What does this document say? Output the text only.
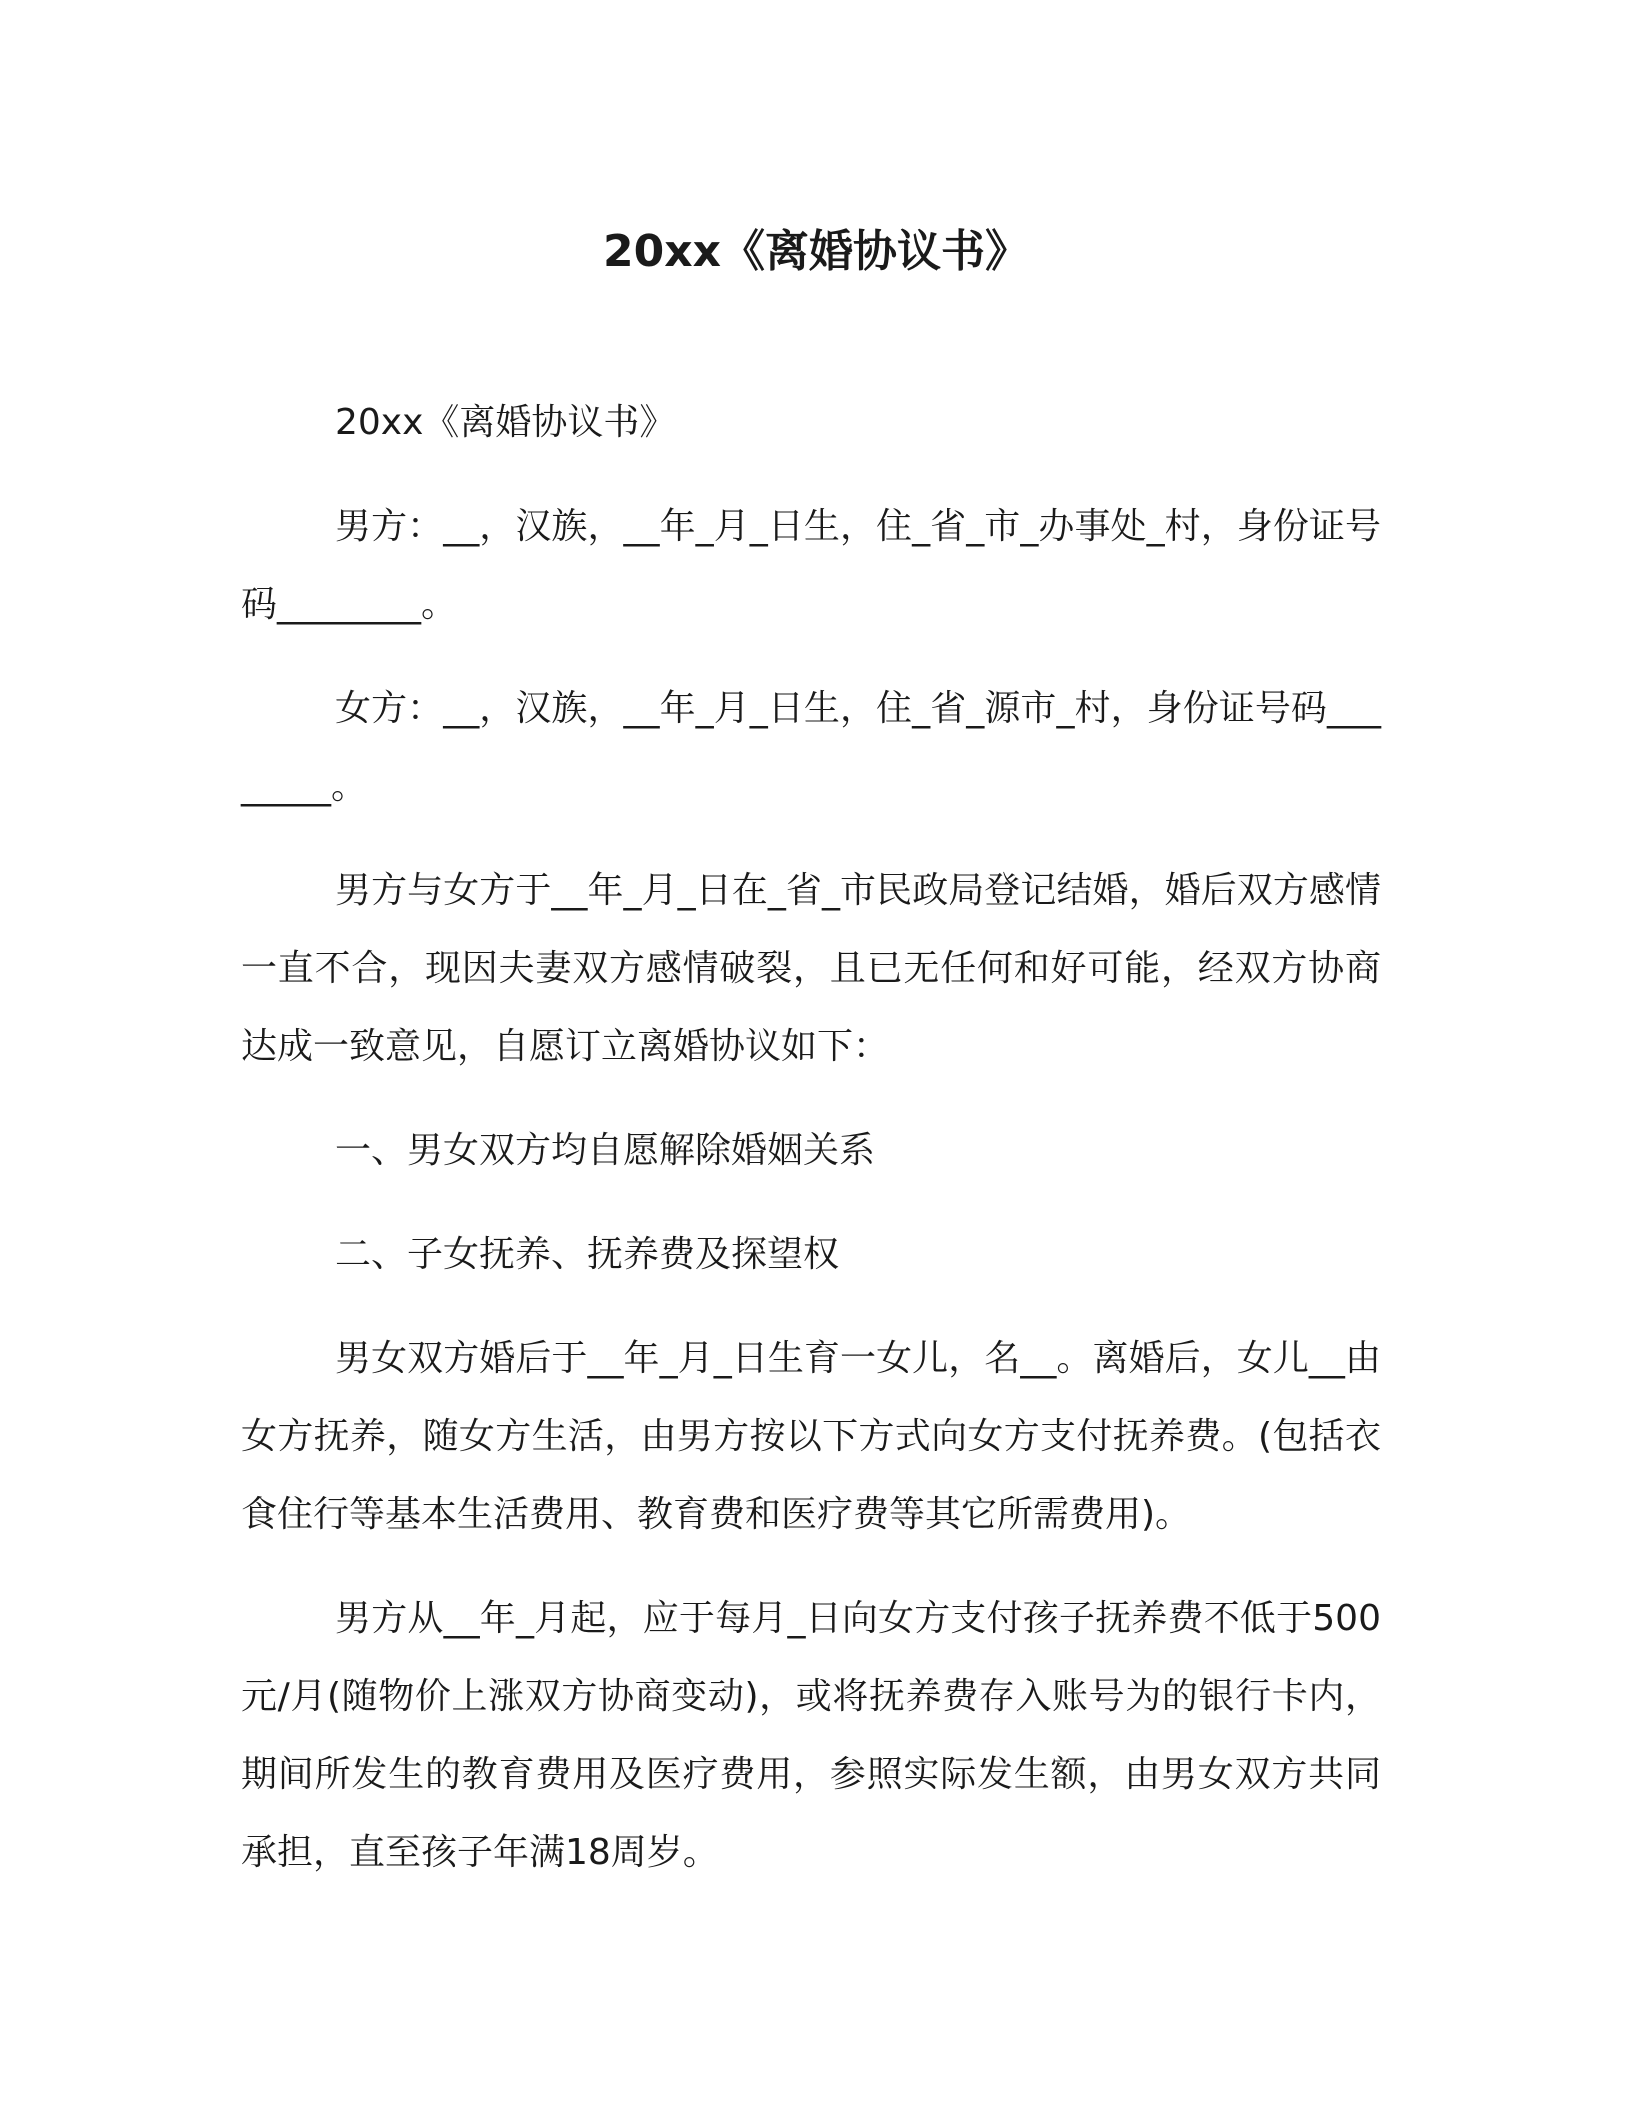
20xx《离婚协议书》

20xx《离婚协议书》

男方：__，汉族，__年_月_日生，住_省_市_办事处_村，身份证号码________。

女方：__，汉族，__年_月_日生，住_省_源市_村，身份证号码________。

男方与女方于__年_月_日在_省_市民政局登记结婚，婚后双方感情一直不合，现因夫妻双方感情破裂，且已无任何和好可能，经双方协商达成一致意见，自愿订立离婚协议如下：

一、男女双方均自愿解除婚姻关系

二、子女抚养、抚养费及探望权

男女双方婚后于__年_月_日生育一女儿，名__。离婚后，女儿__由女方抚养，随女方生活，由男方按以下方式向女方支付抚养费。(包括衣食住行等基本生活费用、教育费和医疗费等其它所需费用)。

男方从__年_月起，应于每月_日向女方支付孩子抚养费不低于500元/月(随物价上涨双方协商变动)，或将抚养费存入账号为的银行卡内，期间所发生的教育费用及医疗费用，参照实际发生额，由男女双方共同承担，直至孩子年满18周岁。
